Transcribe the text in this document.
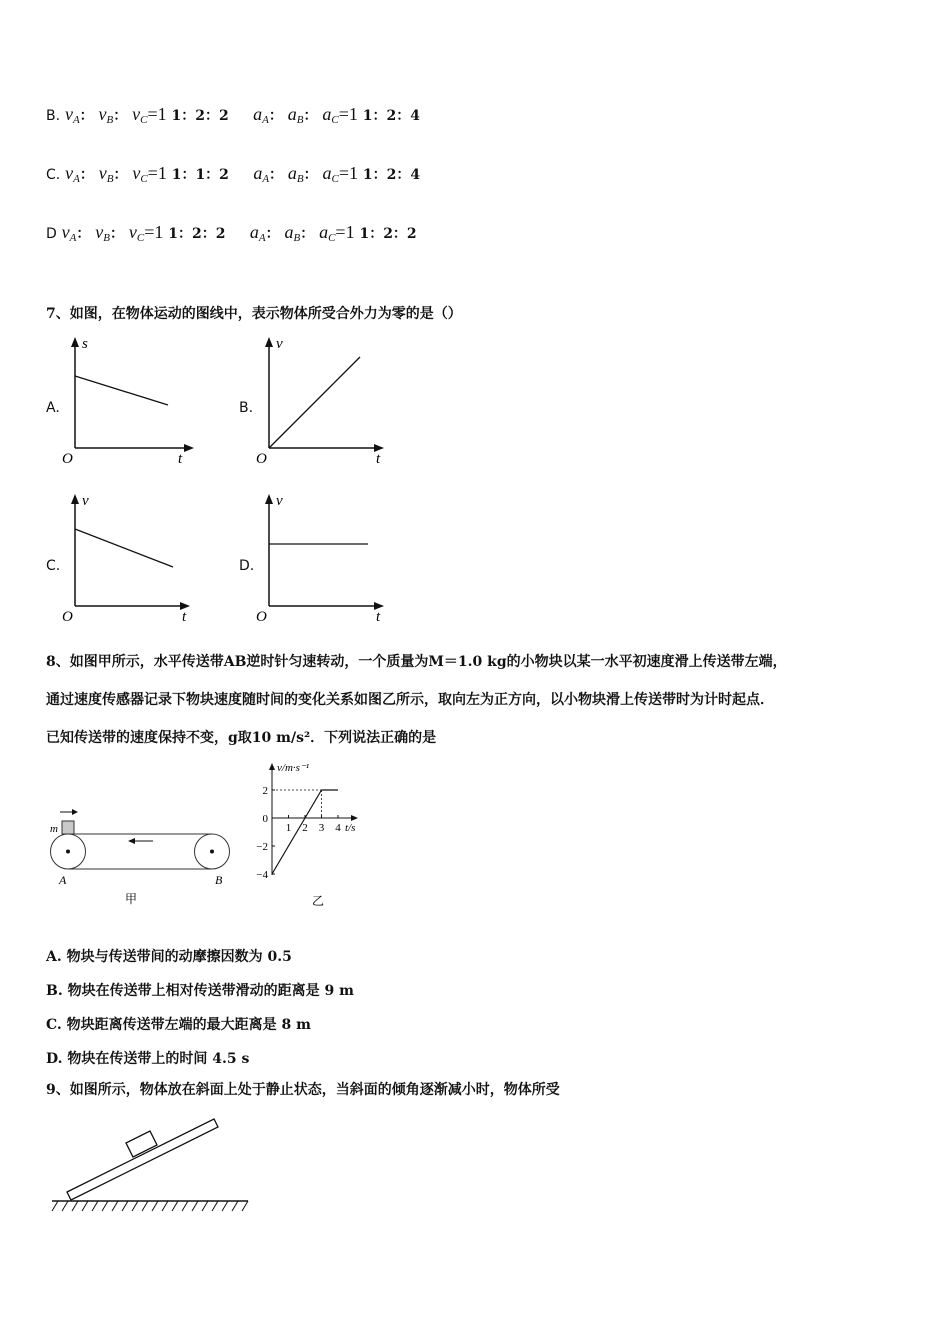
B. $v_A$： $v_B$： $v_C=1$ 1：2：2 $a_A$： $a_B$： $a_C=1$ 1：2：4
C. $v_A$： $v_B$： $v_C=1$ 1：1：2 $a_A$： $a_B$： $a_C=1$ 1：2：4
D $v_A$： $v_B$： $v_C=1$ 1：2：2 $a_A$： $a_B$： $a_C=1$ 1：2：2
7、如图，在物体运动的图线中，表示物体所受合外力为零的是（）
A.
s
t
O
B.
v
t
O
C.
v
t
O
D.
v
t
O
8、如图甲所示，水平传送带AB逆时针匀速转动，一个质量为M＝1.0 kg的小物块以某一水平初速度滑上传送带左端，
通过速度传感器记录下物块速度随时间的变化关系如图乙所示，取向左为正方向，以小物块滑上传送带时为计时起点．
已知传送带的速度保持不变，g取10 m/s²．下列说法正确的是
m
A	B
甲
2
0
−2
−4
1 2 3 4 t/s
v/m·s⁻¹
乙
A. 物块与传送带间的动摩擦因数为 0.5
B. 物块在传送带上相对传送带滑动的距离是 9 m
C. 物块距离传送带左端的最大距离是 8 m
D. 物块在传送带上的时间 4.5 s
9、如图所示，物体放在斜面上处于静止状态，当斜面的倾角逐渐减小时，物体所受
